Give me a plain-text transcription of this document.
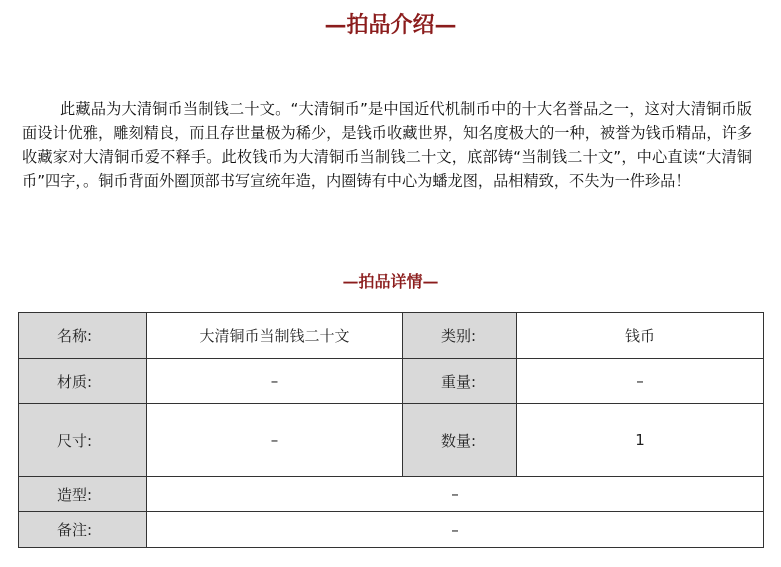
—拍品介绍—

此藏品为大清铜币当制钱二十文。“大清铜币”是中国近代机制币中的十大名誉品之一，这对大清铜币版面设计优雅，雕刻精良，而且存世量极为稀少，是钱币收藏世界，知名度极大的一种，被誉为钱币精品，许多收藏家对大清铜币爱不释手。此枚钱币为大清铜币当制钱二十文，底部铸“当制钱二十文”，中心直读“大清铜币”四字，。铜币背面外圈顶部书写宣统年造，内圈铸有中心为蟠龙图，品相精致，不失为一件珍品！

—拍品详情—
名称:	大清铜币当制钱二十文	类别:	钱币
材质:	–	重量:	–
尺寸:	–	数量:	1
造型:	–		
备注:	–		
